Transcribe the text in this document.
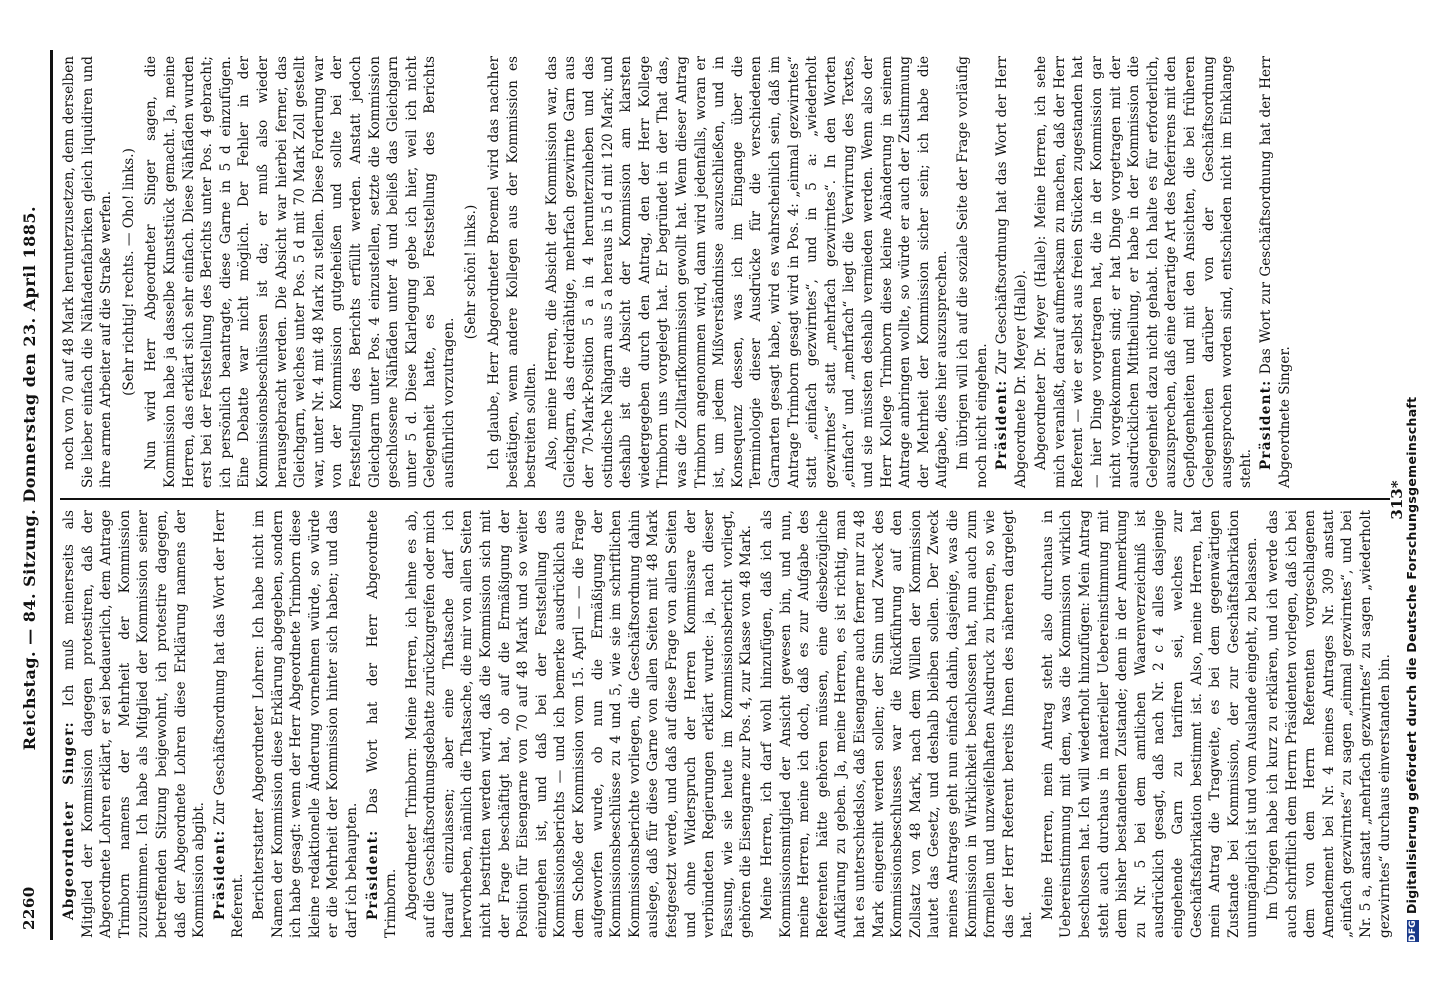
2260
Reichstag. — 84. Sitzung. Donnerstag den 23. April 1885.

Abgeordneter Singer: Ich muß meinerseits als Mitglied der Kommission dagegen protestiren, daß der Abgeordnete Lohren erklärt, er sei bedauerlich, dem Antrage Trimborn namens der Mehrheit der Kommission zuzustimmen. Ich habe als Mitglied der Kommission seiner betreffenden Sitzung beigewohnt, ich protestire dagegen, daß der Abgeordnete Lohren diese Erklärung namens der Kommission abgibt. Präsident: Zur Geschäftsordnung hat das Wort der Herr Referent. Berichterstatter Abgeordneter Lohren: Ich habe nicht im Namen der Kommission diese Erklärung abgegeben, sondern ich habe gesagt: wenn der Herr Abgeordnete Trimborn diese kleine redaktionelle Änderung vornehmen würde, so würde er die Mehrheit der Kommission hinter sich haben; und das darf ich behaupten. Präsident: Das Wort hat der Herr Abgeordnete Trimborn. Abgeordneter Trimborn: Meine Herren, ich lehne es ab, auf die Geschäftsordnungsdebatte zurückzugreifen oder mich darauf einzulassen; aber eine Thatsache darf ich hervorheben, nämlich die Thatsache, die mir von allen Seiten nicht bestritten werden wird, daß die Kommission sich mit der Frage beschäftigt hat, ob auf die Ermäßigung der Position für Eisengarne von 70 auf 48 Mark und so weiter einzugehen ist, und daß bei der Feststellung des Kommissionsberichts — und ich bemerke ausdrücklich aus dem Schoße der Kommission vom 15. April — — die Frage aufgeworfen wurde, ob nun die Ermäßigung der Kommissionsbeschlüsse zu 4 und 5, wie sie im schriftlichen Kommissionsberichte vorliegen, die Geschäftsordnung dahin auslege, daß für diese Garne von allen Seiten mit 48 Mark festgesetzt werde, und daß auf diese Frage von allen Seiten und ohne Widerspruch der Herren Kommissare der verbündeten Regierungen erklärt wurde: ja, nach dieser Fassung, wie sie heute im Kommissionsbericht vorliegt, gehören die Eisengarne zur Pos. 4, zur Klasse von 48 Mark. Meine Herren, ich darf wohl hinzufügen, daß ich als Kommissionsmitglied der Ansicht gewesen bin, und nun, meine Herren, meine ich doch, daß es zur Aufgabe des Referenten hätte gehören müssen, eine diesbezügliche Aufklärung zu geben. Ja, meine Herren, es ist richtig, man hat es unterschiedslos, daß Eisengarne auch ferner nur zu 48 Mark eingereiht werden sollen; der Sinn und Zweck des Kommissionsbeschlusses war die Rückführung auf den Zollsatz von 48 Mark, nach dem Willen der Kommission lautet das Gesetz, und deshalb bleiben sollen. Der Zweck meines Antrages geht nun einfach dahin, dasjenige, was die Kommission in Wirklichkeit beschlossen hat, nun auch zum formellen und unzweifelhaften Ausdruck zu bringen, so wie das der Herr Referent bereits Ihnen des näheren dargelegt hat.

Meine Herren, mein Antrag steht also durchaus in Uebereinstimmung mit dem, was die Kommission wirklich beschlossen hat. Ich will wiederholt hinzufügen: Mein Antrag steht auch durchaus in materieller Uebereinstimmung mit dem bisher bestandenen Zustande; denn in der Anmerkung zu Nr. 5 bei dem amtlichen Waarenverzeichniß ist ausdrücklich gesagt, daß nach Nr. 2 c 4 alles dasjenige eingehende Garn zu tarifiren sei, welches zur Geschäftsfabrikation bestimmt ist. Also, meine Herren, hat mein Antrag die Tragweite, es bei dem gegenwärtigen Zustande bei Kommission, der zur Geschäftsfabrikation unumgänglich ist und vom Auslande eingeht, zu belassen. Im Übrigen habe ich kurz zu erklären, und ich werde das auch schriftlich dem Herrn Präsidenten vorlegen, daß ich bei dem von dem Herrn Referenten vorgeschlagenen Amendement bei Nr. 4 meines Antrages Nr. 309 anstatt „einfach gezwirntes“ zu sagen „einmal gezwirntes“, und bei Nr. 5 a, anstatt „mehrfach gezwirntes“ zu sagen „wiederholt gezwirntes“ durchaus einverstanden bin.

noch von 70 auf 48 Mark herunterzusetzen, denn derselben Sie lieber einfach die Nähfadenfabriken gleich liquidiren und ihre armen Arbeiter auf die Straße werfen. (Sehr richtig! rechts. — Oho! links.) Nun wird Herr Abgeordneter Singer sagen, die Kommission habe ja dasselbe Kunststück gemacht. Ja, meine Herren, das erklärt sich sehr einfach. Diese Nähfäden wurden erst bei der Feststellung des Berichts unter Pos. 4 gebracht; ich persönlich beantragte, diese Garne in 5 d einzufügen. Eine Debatte war nicht möglich. Der Fehler in der Kommissionsbeschlüssen ist da; er muß also wieder herausgebracht werden. Die Absicht war hierbei ferner, das Gleichgarn, welches unter Pos. 5 d mit 70 Mark Zoll gestellt war, unter Nr. 4 mit 48 Mark zu stellen. Diese Forderung war von der Kommission gutgeheißen und sollte bei der Feststellung des Berichts erfüllt werden. Anstatt jedoch Gleichgarn unter Pos. 4 einzustellen, setzte die Kommission geschlossene Nähfäden unter 4 und beließ das Gleichgarn unter 5 d. Diese Klarlegung gebe ich hier, weil ich nicht Gelegenheit hatte, es bei Feststellung des Berichts ausführlich vorzutragen.

(Sehr schön! links.) Ich glaube, Herr Abgeordneter Broemel wird das nachher bestätigen, wenn andere Kollegen aus der Kommission es bestreiten sollten. Also, meine Herren, die Absicht der Kommission war, das Gleichgarn, das dreidrähtige, mehrfach gezwirnte Garn aus der 70-Mark-Position 5 a in 4 herunterzuheben und das ostindische Nähgarn aus 5 a heraus in 5 d mit 120 Mark; und deshalb ist die Absicht der Kommission am klarsten wiedergegeben durch den Antrag, den der Herr Kollege Trimborn uns vorgelegt hat. Er begründet in der That das, was die Zolltarifkommission gewollt hat. Wenn dieser Antrag Trimborn angenommen wird, dann wird jedenfalls, woran er ist, um jedem Mißverständnisse auszuschließen, und in Konsequenz dessen, was ich im Eingange über die Terminologie dieser Ausdrücke für die verschiedenen Garnarten gesagt habe, wird es wahrscheinlich sein, daß im Antrage Trimborn gesagt wird in Pos. 4: „einmal gezwirntes“ statt „einfach gezwirntes“, und in 5 a: „wiederholt gezwirntes“ statt „mehrfach gezwirntes“. In den Worten „einfach“ und „mehrfach“ liegt die Verwirrung des Textes, und sie müssten deshalb vermieden werden. Wenn also der Herr Kollege Trimborn diese kleine Abänderung in seinem Antrage anbringen wollte, so würde er auch der Zustimmung der Mehrheit der Kommission sicher sein; ich habe die Aufgabe, dies hier auszusprechen. Im übrigen will ich auf die soziale Seite der Frage vorläufig noch nicht eingehen. Präsident: Zur Geschäftsordnung hat das Wort der Herr Abgeordnete Dr. Meyer (Halle). Abgeordneter Dr. Meyer (Halle): Meine Herren, ich sehe mich veranlaßt, darauf aufmerksam zu machen, daß der Herr Referent — wie er selbst aus freien Stücken zugestanden hat — hier Dinge vorgetragen hat, die in der Kommission gar nicht vorgekommen sind; er hat Dinge vorgetragen mit der ausdrücklichen Mittheilung, er habe in der Kommission die Gelegenheit dazu nicht gehabt. Ich halte es für erforderlich, auszusprechen, daß eine derartige Art des Referirens mit den Gepflogenheiten und mit den Ansichten, die bei früheren Gelegenheiten darüber von der Geschäftsordnung ausgesprochen worden sind, entschieden nicht im Einklange steht. Präsident: Das Wort zur Geschäftsordnung hat der Herr Abgeordnete Singer.

313*
DFGDigitalisierung gefördert durch die Deutsche Forschungsgemeinschaft
